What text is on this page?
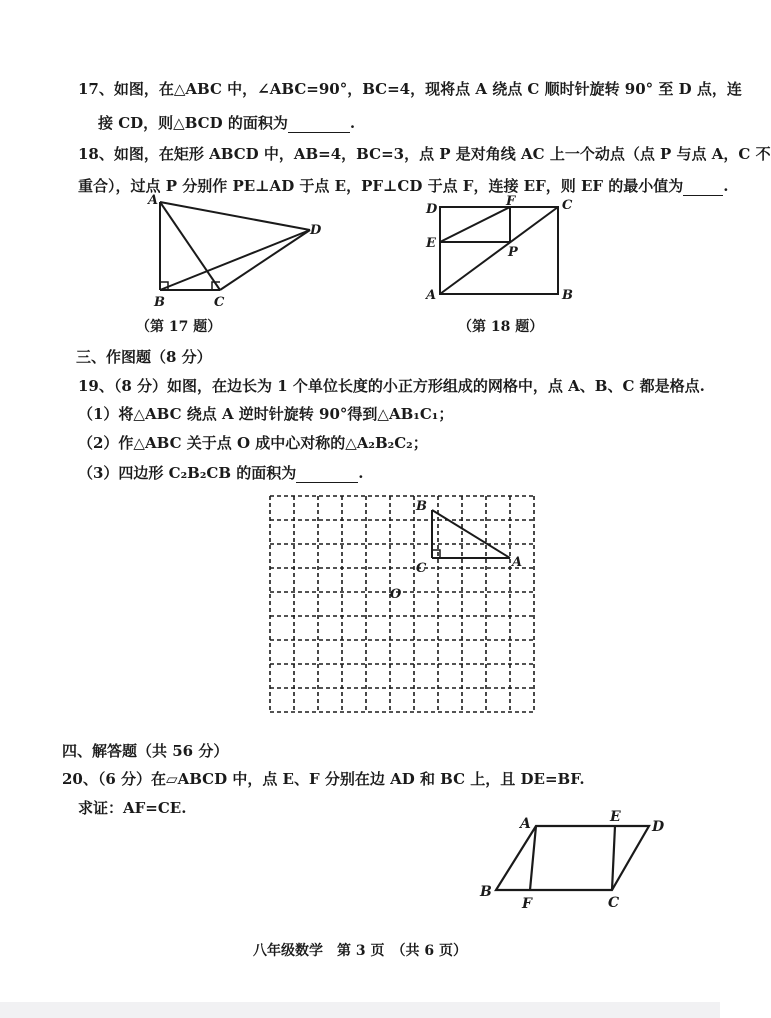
17、如图，在△ABC 中，∠ABC=90°，BC=4，现将点 A 绕点 C 顺时针旋转 90° 至 D 点，连
接 CD，则△BCD 的面积为	.
18、如图，在矩形 ABCD 中，AB=4，BC=3，点 P 是对角线 AC 上一个动点（点 P 与点 A，C 不
重合），过点 P 分别作 PE⊥AD 于点 E，PF⊥CD 于点 F，连接 EF，则 EF 的最小值为	.
A
B	C
D
（第 17 题）
D
F	C
E
P
A	B
（第 18 题）
三、作图题（8 分）
19、（8 分）如图，在边长为 1 个单位长度的小正方形组成的网格中，点 A、B、C 都是格点.
（1）将△ABC 绕点 A 逆时针旋转 90°得到△AB₁C₁；
（2）作△ABC 关于点 O 成中心对称的△A₂B₂C₂；
（3）四边形 C₂B₂CB 的面积为	.
B
C	A
O
四、解答题（共 56 分）
20、（6 分）在▱ABCD 中，点 E、F 分别在边 AD 和 BC 上，且 DE=BF.
求证：AF=CE.
A	E
D
B
F	C
八年级数学　第 3 页　（共 6 页）
